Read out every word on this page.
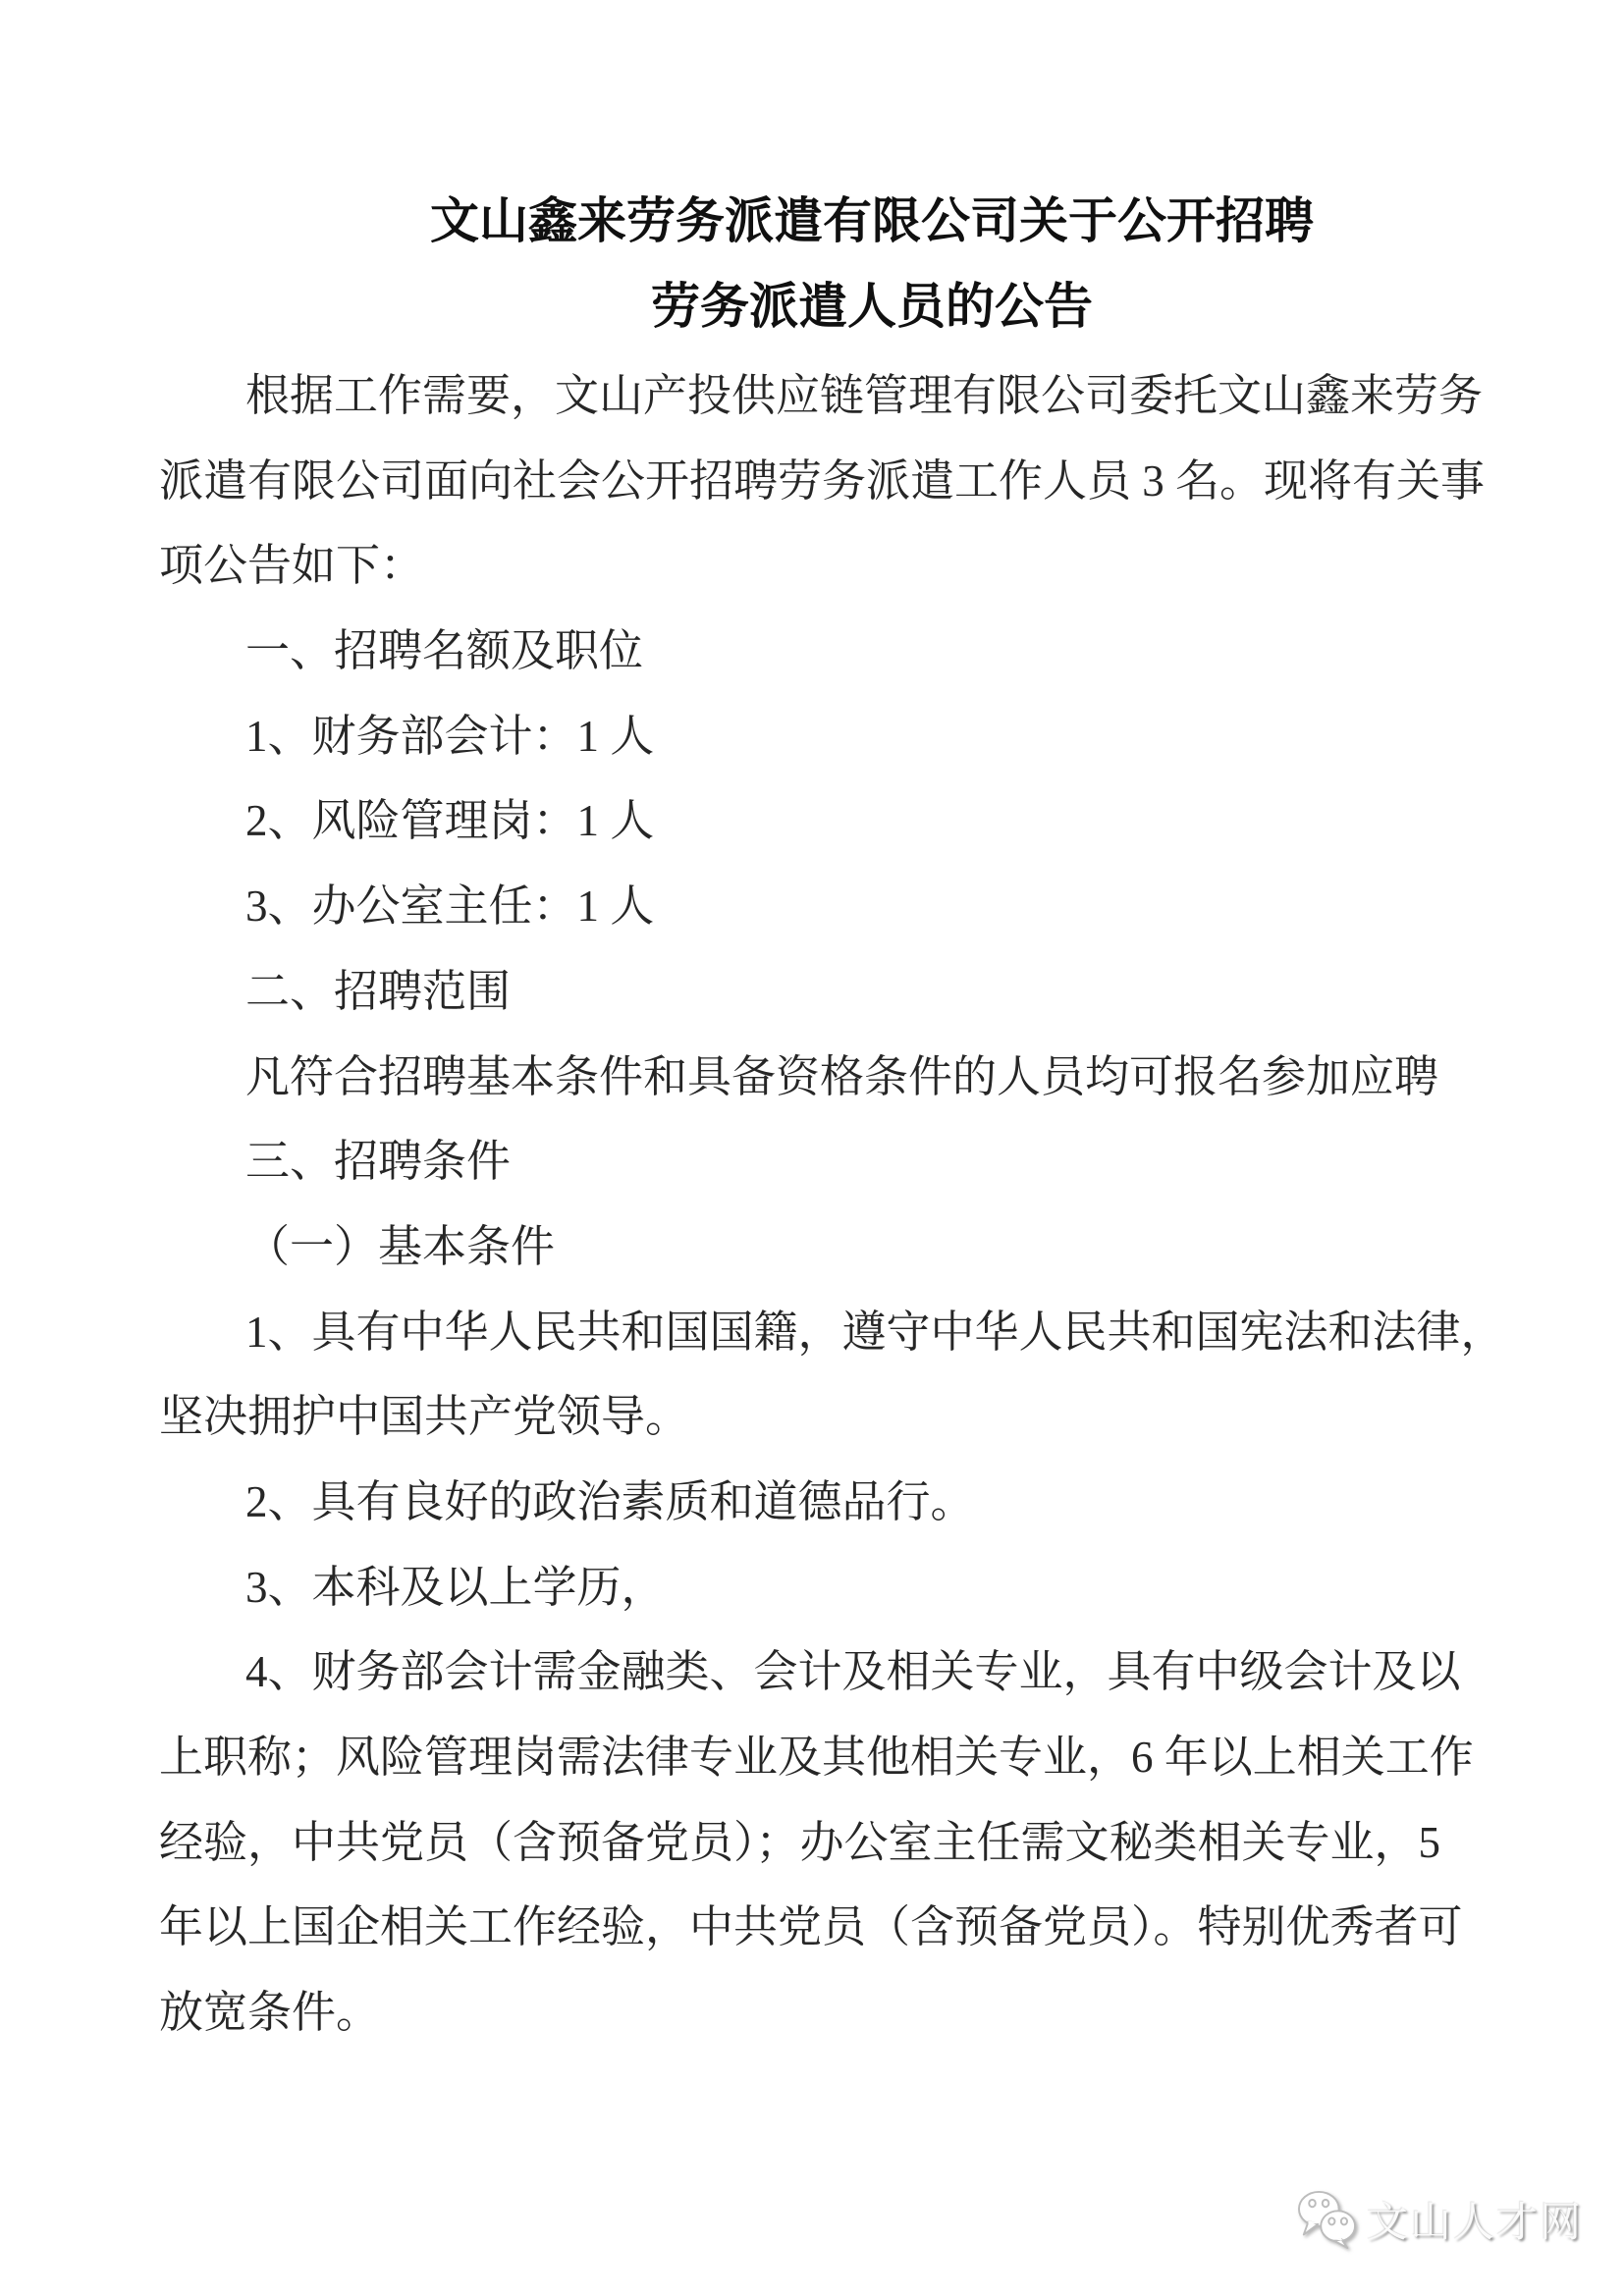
文山鑫来劳务派遣有限公司关于公开招聘
劳务派遣人员的公告
根据工作需要，文山产投供应链管理有限公司委托文山鑫来劳务
派遣有限公司面向社会公开招聘劳务派遣工作人员 3 名。现将有关事
项公告如下：
一、招聘名额及职位
1、财务部会计：1 人
2、风险管理岗：1 人
3、办公室主任：1 人
二、招聘范围
凡符合招聘基本条件和具备资格条件的人员均可报名参加应聘
三、招聘条件
（一）基本条件
1、具有中华人民共和国国籍，遵守中华人民共和国宪法和法律，
坚决拥护中国共产党领导。
2、具有良好的政治素质和道德品行。
3、本科及以上学历，
4、财务部会计需金融类、会计及相关专业，具有中级会计及以
上职称；风险管理岗需法律专业及其他相关专业，6 年以上相关工作
经验，中共党员（含预备党员）；办公室主任需文秘类相关专业，5
年以上国企相关工作经验，中共党员（含预备党员）。特别优秀者可
放宽条件。
文山人才网
